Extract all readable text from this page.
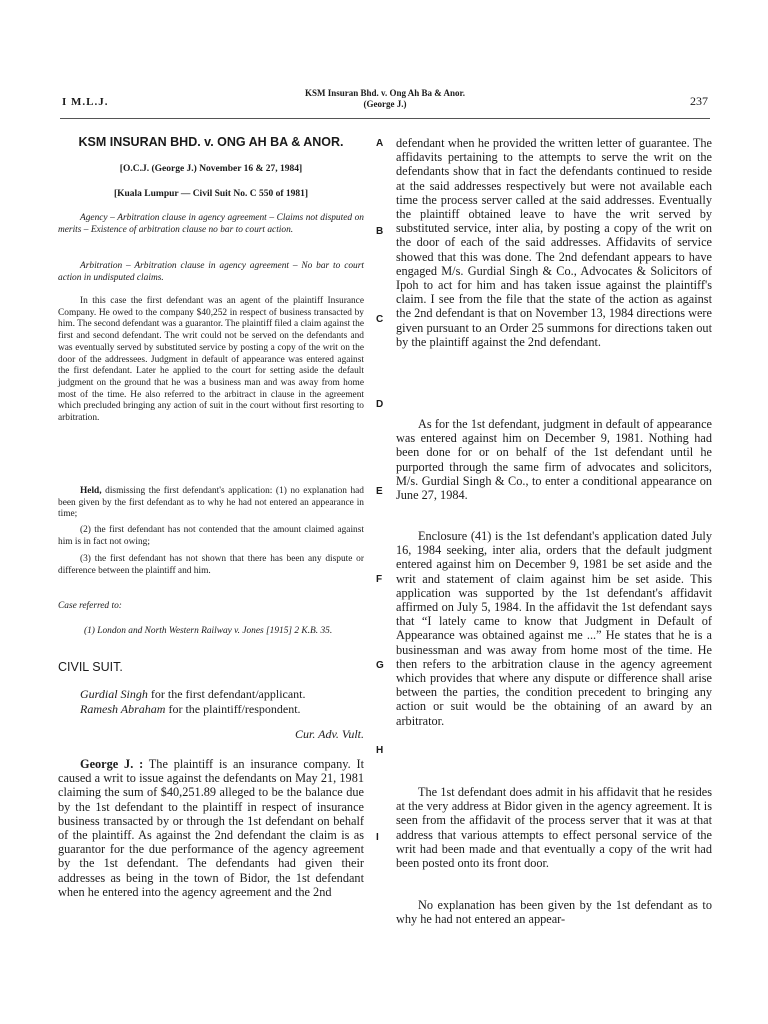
I M.L.J.
KSM Insuran Bhd. v. Ong Ah Ba & Anor.
(George J.)	237
KSM INSURAN BHD. v. ONG AH BA & ANOR.
[O.C.J. (George J.) November 16 & 27, 1984]
[Kuala Lumpur — Civil Suit No. C 550 of 1981]
Agency – Arbitration clause in agency agreement – Claims not disputed on merits – Existence of arbitration clause no bar to court action.
Arbitration – Arbitration clause in agency agreement – No bar to court action in undisputed claims.
In this case the first defendant was an agent of the plaintiff Insurance Company. He owed to the company $40,252 in respect of business transacted by him. The second defendant was a guarantor. The plaintiff filed a claim against the first and second defendant. The writ could not be served on the defendants and was eventually served by substituted service by posting a copy of the writ on the door of the addressees. Judgment in default of appearance was entered against the first defendant. Later he applied to the court for setting aside the default judgment on the ground that he was a business man and was away from home most of the time. He also referred to the arbitract in clause in the agreement which precluded bringing any action of suit in the court without first resorting to arbitration.
Held, dismissing the first defendant's application: (1) no explanation had been given by the first defendant as to why he had not entered an appearance in time;
(2) the first defendant has not contended that the amount claimed against him is in fact not owing;
(3) the first defendant has not shown that there has been any dispute or difference between the plaintiff and him.
Case referred to:
(1) London and North Western Railway v. Jones [1915] 2 K.B. 35.
CIVIL SUIT.
Gurdial Singh for the first defendant/applicant.
Ramesh Abraham for the plaintiff/respondent.
Cur. Adv. Vult.
George J. : The plaintiff is an insurance company. It caused a writ to issue against the defendants on May 21, 1981 claiming the sum of $40,251.89 alleged to be the balance due by the 1st defendant to the plaintiff in respect of insurance business transacted by or through the 1st defendant on behalf of the plaintiff. As against the 2nd defendant the claim is as guarantor for the due performance of the agency agreement by the 1st defendant. The defendants had given their addresses as being in the town of Bidor, the 1st defendant when he entered into the agency agreement and the 2nd
A
B
C
D
E
F
G
H
I
defendant when he provided the written letter of guarantee. The affidavits pertaining to the attempts to serve the writ on the defendants show that in fact the defendants continued to reside at the said addresses respectively but were not available each time the process server called at the said addresses. Eventually the plaintiff obtained leave to have the writ served by substituted service, inter alia, by posting a copy of the writ on the door of each of the said addresses. Affidavits of service showed that this was done. The 2nd defendant appears to have engaged M/s. Gurdial Singh & Co., Advocates & Solicitors of Ipoh to act for him and has taken issue against the plaintiff's claim. I see from the file that the state of the action as against the 2nd defendant is that on November 13, 1984 directions were given pursuant to an Order 25 summons for directions taken out by the plaintiff against the 2nd defendant.
As for the 1st defendant, judgment in default of appearance was entered against him on December 9, 1981. Nothing had been done for or on behalf of the 1st defendant until he purported through the same firm of advocates and solicitors, M/s. Gurdial Singh & Co., to enter a conditional appearance on June 27, 1984.
Enclosure (41) is the 1st defendant's application dated July 16, 1984 seeking, inter alia, orders that the default judgment entered against him on December 9, 1981 be set aside and the writ and statement of claim against him be set aside. This application was supported by the 1st defendant's affidavit affirmed on July 5, 1984. In the affidavit the 1st defendant says that “I lately came to know that Judgment in Default of Appearance was obtained against me ...” He states that he is a businessman and was away from home most of the time. He then refers to the arbitration clause in the agency agreement which provides that where any dispute or difference shall arise between the parties, the condition precedent to bringing any action or suit would be the obtaining of an award by an arbitrator.
The 1st defendant does admit in his affidavit that he resides at the very address at Bidor given in the agency agreement. It is seen from the affidavit of the process server that it was at that address that various attempts to effect personal service of the writ had been made and that eventually a copy of the writ had been posted onto its front door.
No explanation has been given by the 1st defendant as to why he had not entered an appear-
